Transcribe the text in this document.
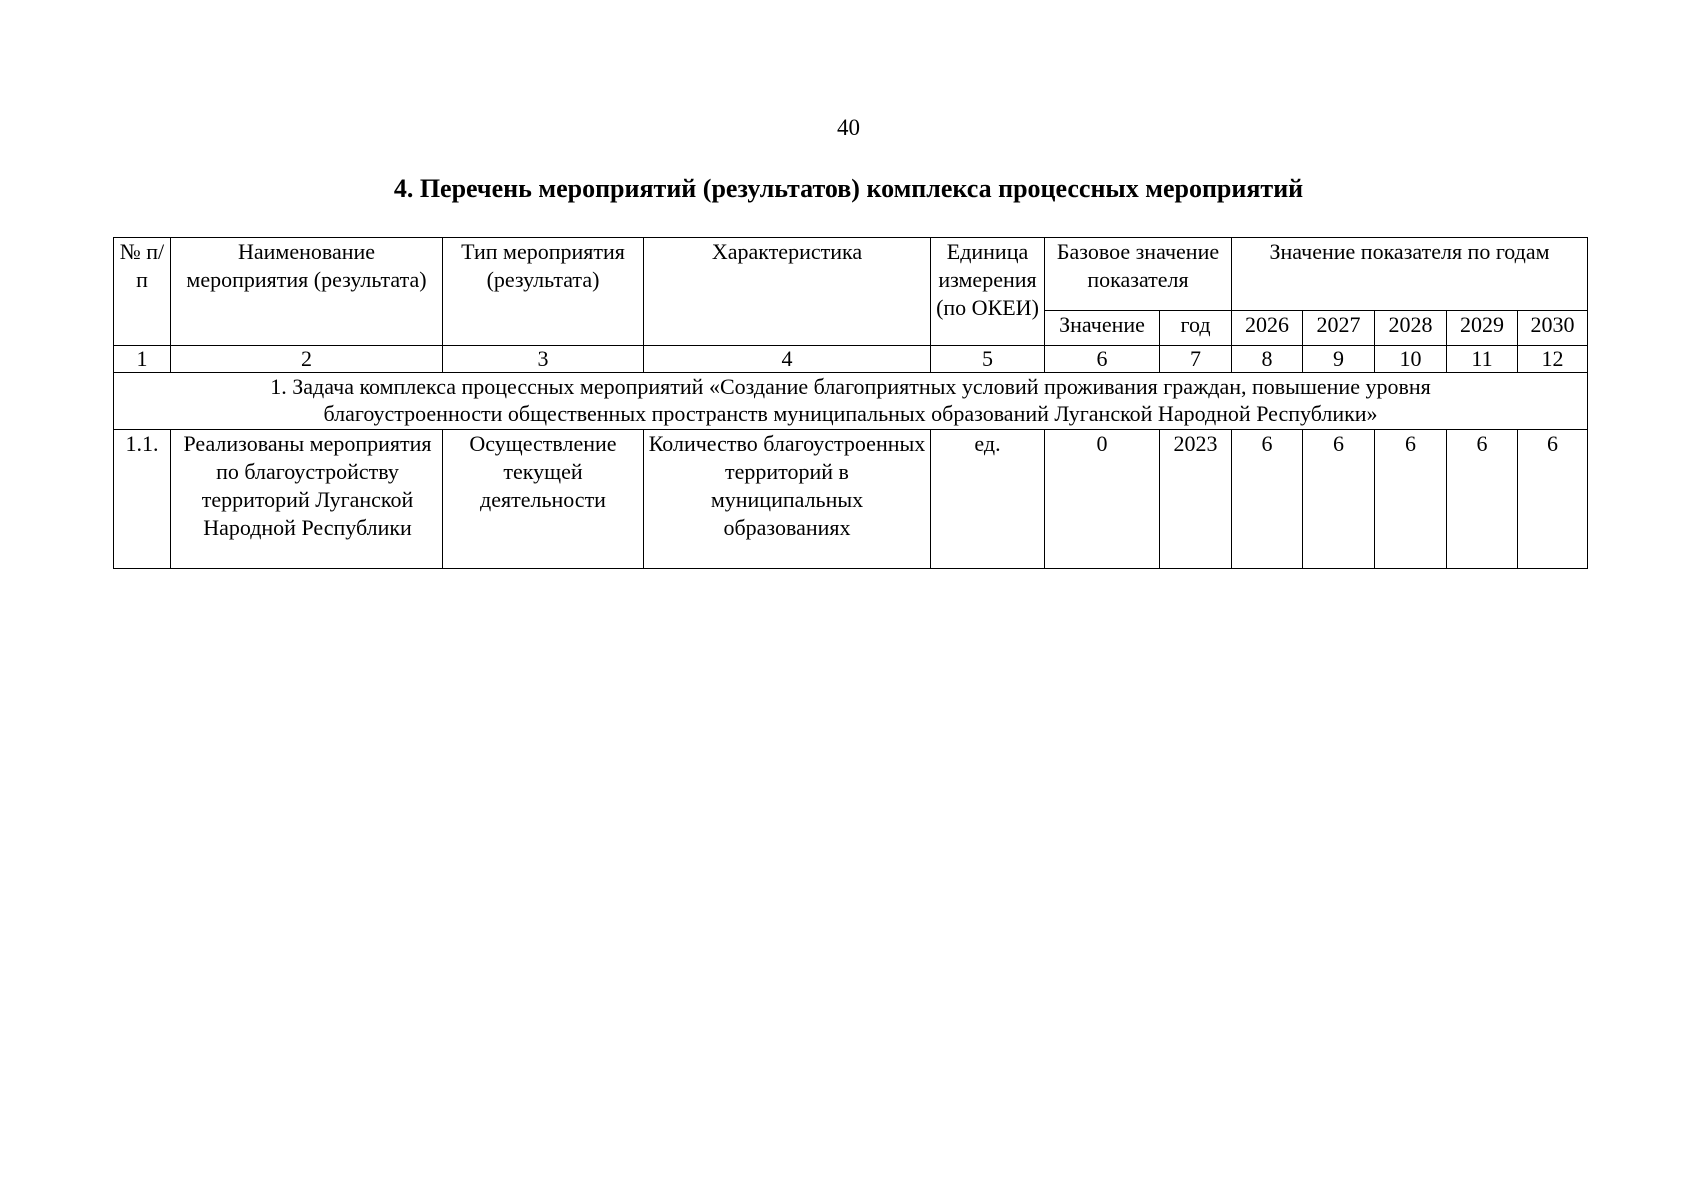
40
4. Перечень мероприятий (результатов) комплекса процессных мероприятий
№ п/п	Наименование мероприятия (результата)	Тип мероприятия (результата)	Характеристика	Единица измерения (по ОКЕИ)	Базовое значение показателя		Значение показателя по годам				
					Значение	год	2026	2027	2028	2029	2030
1	2	3	4	5	6	7	8	9	10	11	12
1. Задача комплекса процессных мероприятий «Создание благоприятных условий проживания граждан, повышение уровня благоустроенности общественных пространств муниципальных образований Луганской Народной Республики»											
1.1.	Реализованы мероприятия по благоустройству территорий Луганской Народной Республики	Осуществление текущей деятельности	Количество благоустроенных территорий в муниципальных образованиях	ед.	0	2023	6	6	6	6	6
